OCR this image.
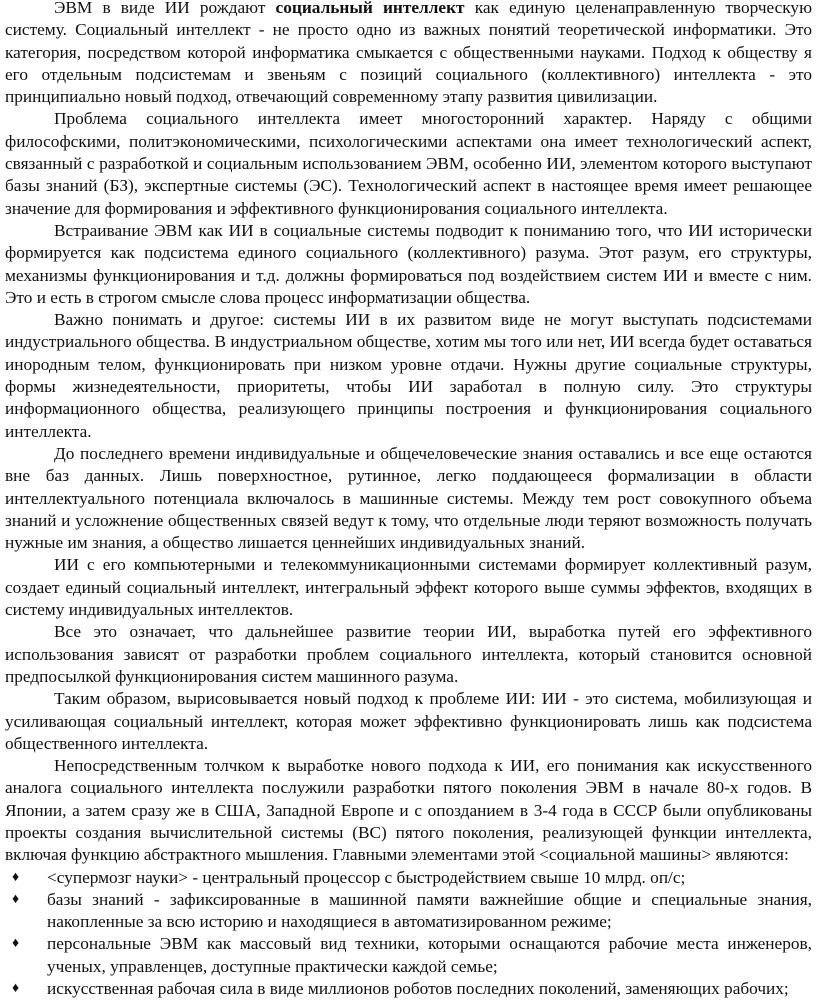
ЭВМ в виде ИИ рождают социальный интеллект как единую целенаправленную творческую систему. Социальный интеллект - не просто одно из важных понятий теоретической информатики. Это категория, посредством которой информатика смыкается с общественными науками. Подход к обществу я его отдельным подсистемам и звеньям с позиций социального (коллективного) интеллекта - это принципиально новый подход, отвечающий современному этапу развития цивилизации.

Проблема социального интеллекта имеет многосторонний характер. Наряду с общими философскими, политэкономическими, психологическими аспектами она имеет технологический аспект, связанный с разработкой и социальным использованием ЭВМ, особенно ИИ, элементом которого выступают базы знаний (БЗ), экспертные системы (ЭС). Технологический аспект в настоящее время имеет решающее значение для формирования и эффективного функционирования социального интеллекта.

Встраивание ЭВМ как ИИ в социальные системы подводит к пониманию того, что ИИ исторически формируется как подсистема единого социального (коллективного) разума. Этот разум, его структуры, механизмы функционирования и т.д. должны формироваться под воздействием систем ИИ и вместе с ним. Это и есть в строгом смысле слова процесс информатизации общества.

Важно понимать и другое: системы ИИ в их развитом виде не могут выступать подсистемами индустриального общества. В индустриальном обществе, хотим мы того или нет, ИИ всегда будет оставаться инородным телом, функционировать при низком уровне отдачи. Нужны другие социальные структуры, формы жизнедеятельности, приоритеты, чтобы ИИ заработал в полную силу. Это структуры информационного общества, реализующего принципы построения и функционирования социального интеллекта.

До последнего времени индивидуальные и общечеловеческие знания оставались и все еще остаются вне баз данных. Лишь поверхностное, рутинное, легко поддающееся формализации в области интеллектуального потенциала включалось в машинные системы. Между тем рост совокупного объема знаний и усложнение общественных связей ведут к тому, что отдельные люди теряют возможность получать нужные им знания, а общество лишается ценнейших индивидуальных знаний.

ИИ с его компьютерными и телекоммуникационными системами формирует коллективный разум, создает единый социальный интеллект, интегральный эффект которого выше суммы эффектов, входящих в систему индивидуальных интеллектов.

Все это означает, что дальнейшее развитие теории ИИ, выработка путей его эффективного использования зависят от разработки проблем социального интеллекта, который становится основной предпосылкой функционирования систем машинного разума.

Таким образом, вырисовывается новый подход к проблеме ИИ: ИИ - это система, мобилизующая и усиливающая социальный интеллект, которая может эффективно функционировать лишь как подсистема общественного интеллекта.

Непосредственным толчком к выработке нового подхода к ИИ, его понимания как искусственного аналога социального интеллекта послужили разработки пятого поколения ЭВМ в начале 80-х годов. В Японии, а затем сразу же в США, Западной Европе и с опозданием в 3-4 года в СССР были опубликованы проекты создания вычислительной системы (ВС) пятого поколения, реализующей функции интеллекта, включая функцию абстрактного мышления. Главными элементами этой <социальной машины> являются:

♦ <супермозг науки> - центральный процессор с быстродействием свыше 10 млрд. оп/с;
♦ базы знаний - зафиксированные в машинной памяти важнейшие общие и специальные знания, накопленные за всю историю и находящиеся в автоматизированном режиме;
♦ персональные ЭВМ как массовый вид техники, которыми оснащаются рабочие места инженеров, ученых, управленцев, доступные практически каждой семье;
♦ искусственная рабочая сила в виде миллионов роботов последних поколений, заменяющих рабочих;
